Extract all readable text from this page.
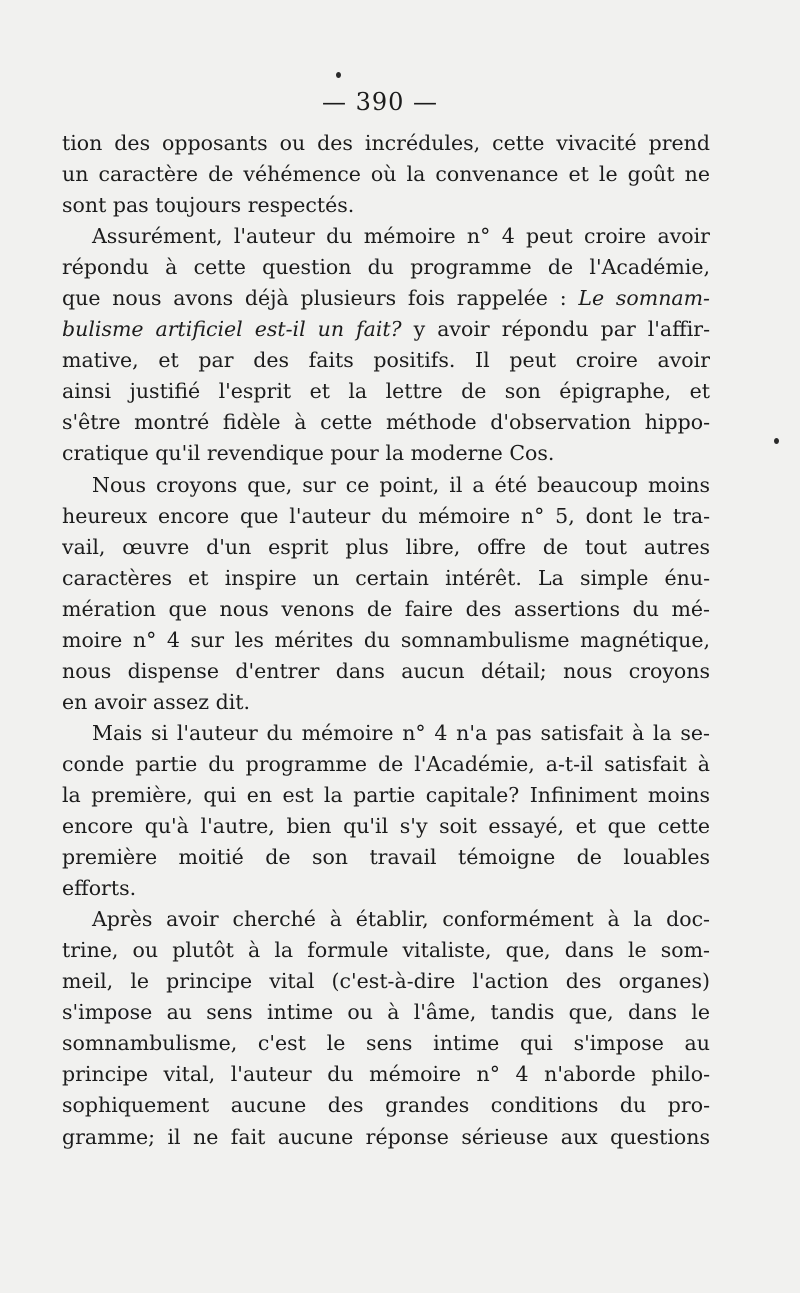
— 390 —
tion des opposants ou des incrédules, cette vivacité prend
un caractère de véhémence où la convenance et le goût ne
sont pas toujours respectés.
Assurément, l'auteur du mémoire n° 4 peut croire avoir
répondu à cette question du programme de l'Académie,
que nous avons déjà plusieurs fois rappelée : Le somnam-
bulisme artificiel est-il un fait? y avoir répondu par l'affir-
mative, et par des faits positifs. Il peut croire avoir
ainsi justifié l'esprit et la lettre de son épigraphe, et
s'être montré fidèle à cette méthode d'observation hippo-
cratique qu'il revendique pour la moderne Cos.
Nous croyons que, sur ce point, il a été beaucoup moins
heureux encore que l'auteur du mémoire n° 5, dont le tra-
vail, œuvre d'un esprit plus libre, offre de tout autres
caractères et inspire un certain intérêt. La simple énu-
mération que nous venons de faire des assertions du mé-
moire n° 4 sur les mérites du somnambulisme magnétique,
nous dispense d'entrer dans aucun détail; nous croyons
en avoir assez dit.
Mais si l'auteur du mémoire n° 4 n'a pas satisfait à la se-
conde partie du programme de l'Académie, a-t-il satisfait à
la première, qui en est la partie capitale? Infiniment moins
encore qu'à l'autre, bien qu'il s'y soit essayé, et que cette
première moitié de son travail témoigne de louables
efforts.
Après avoir cherché à établir, conformément à la doc-
trine, ou plutôt à la formule vitaliste, que, dans le som-
meil, le principe vital (c'est-à-dire l'action des organes)
s'impose au sens intime ou à l'âme, tandis que, dans le
somnambulisme, c'est le sens intime qui s'impose au
principe vital, l'auteur du mémoire n° 4 n'aborde philo-
sophiquement aucune des grandes conditions du pro-
gramme; il ne fait aucune réponse sérieuse aux questions
